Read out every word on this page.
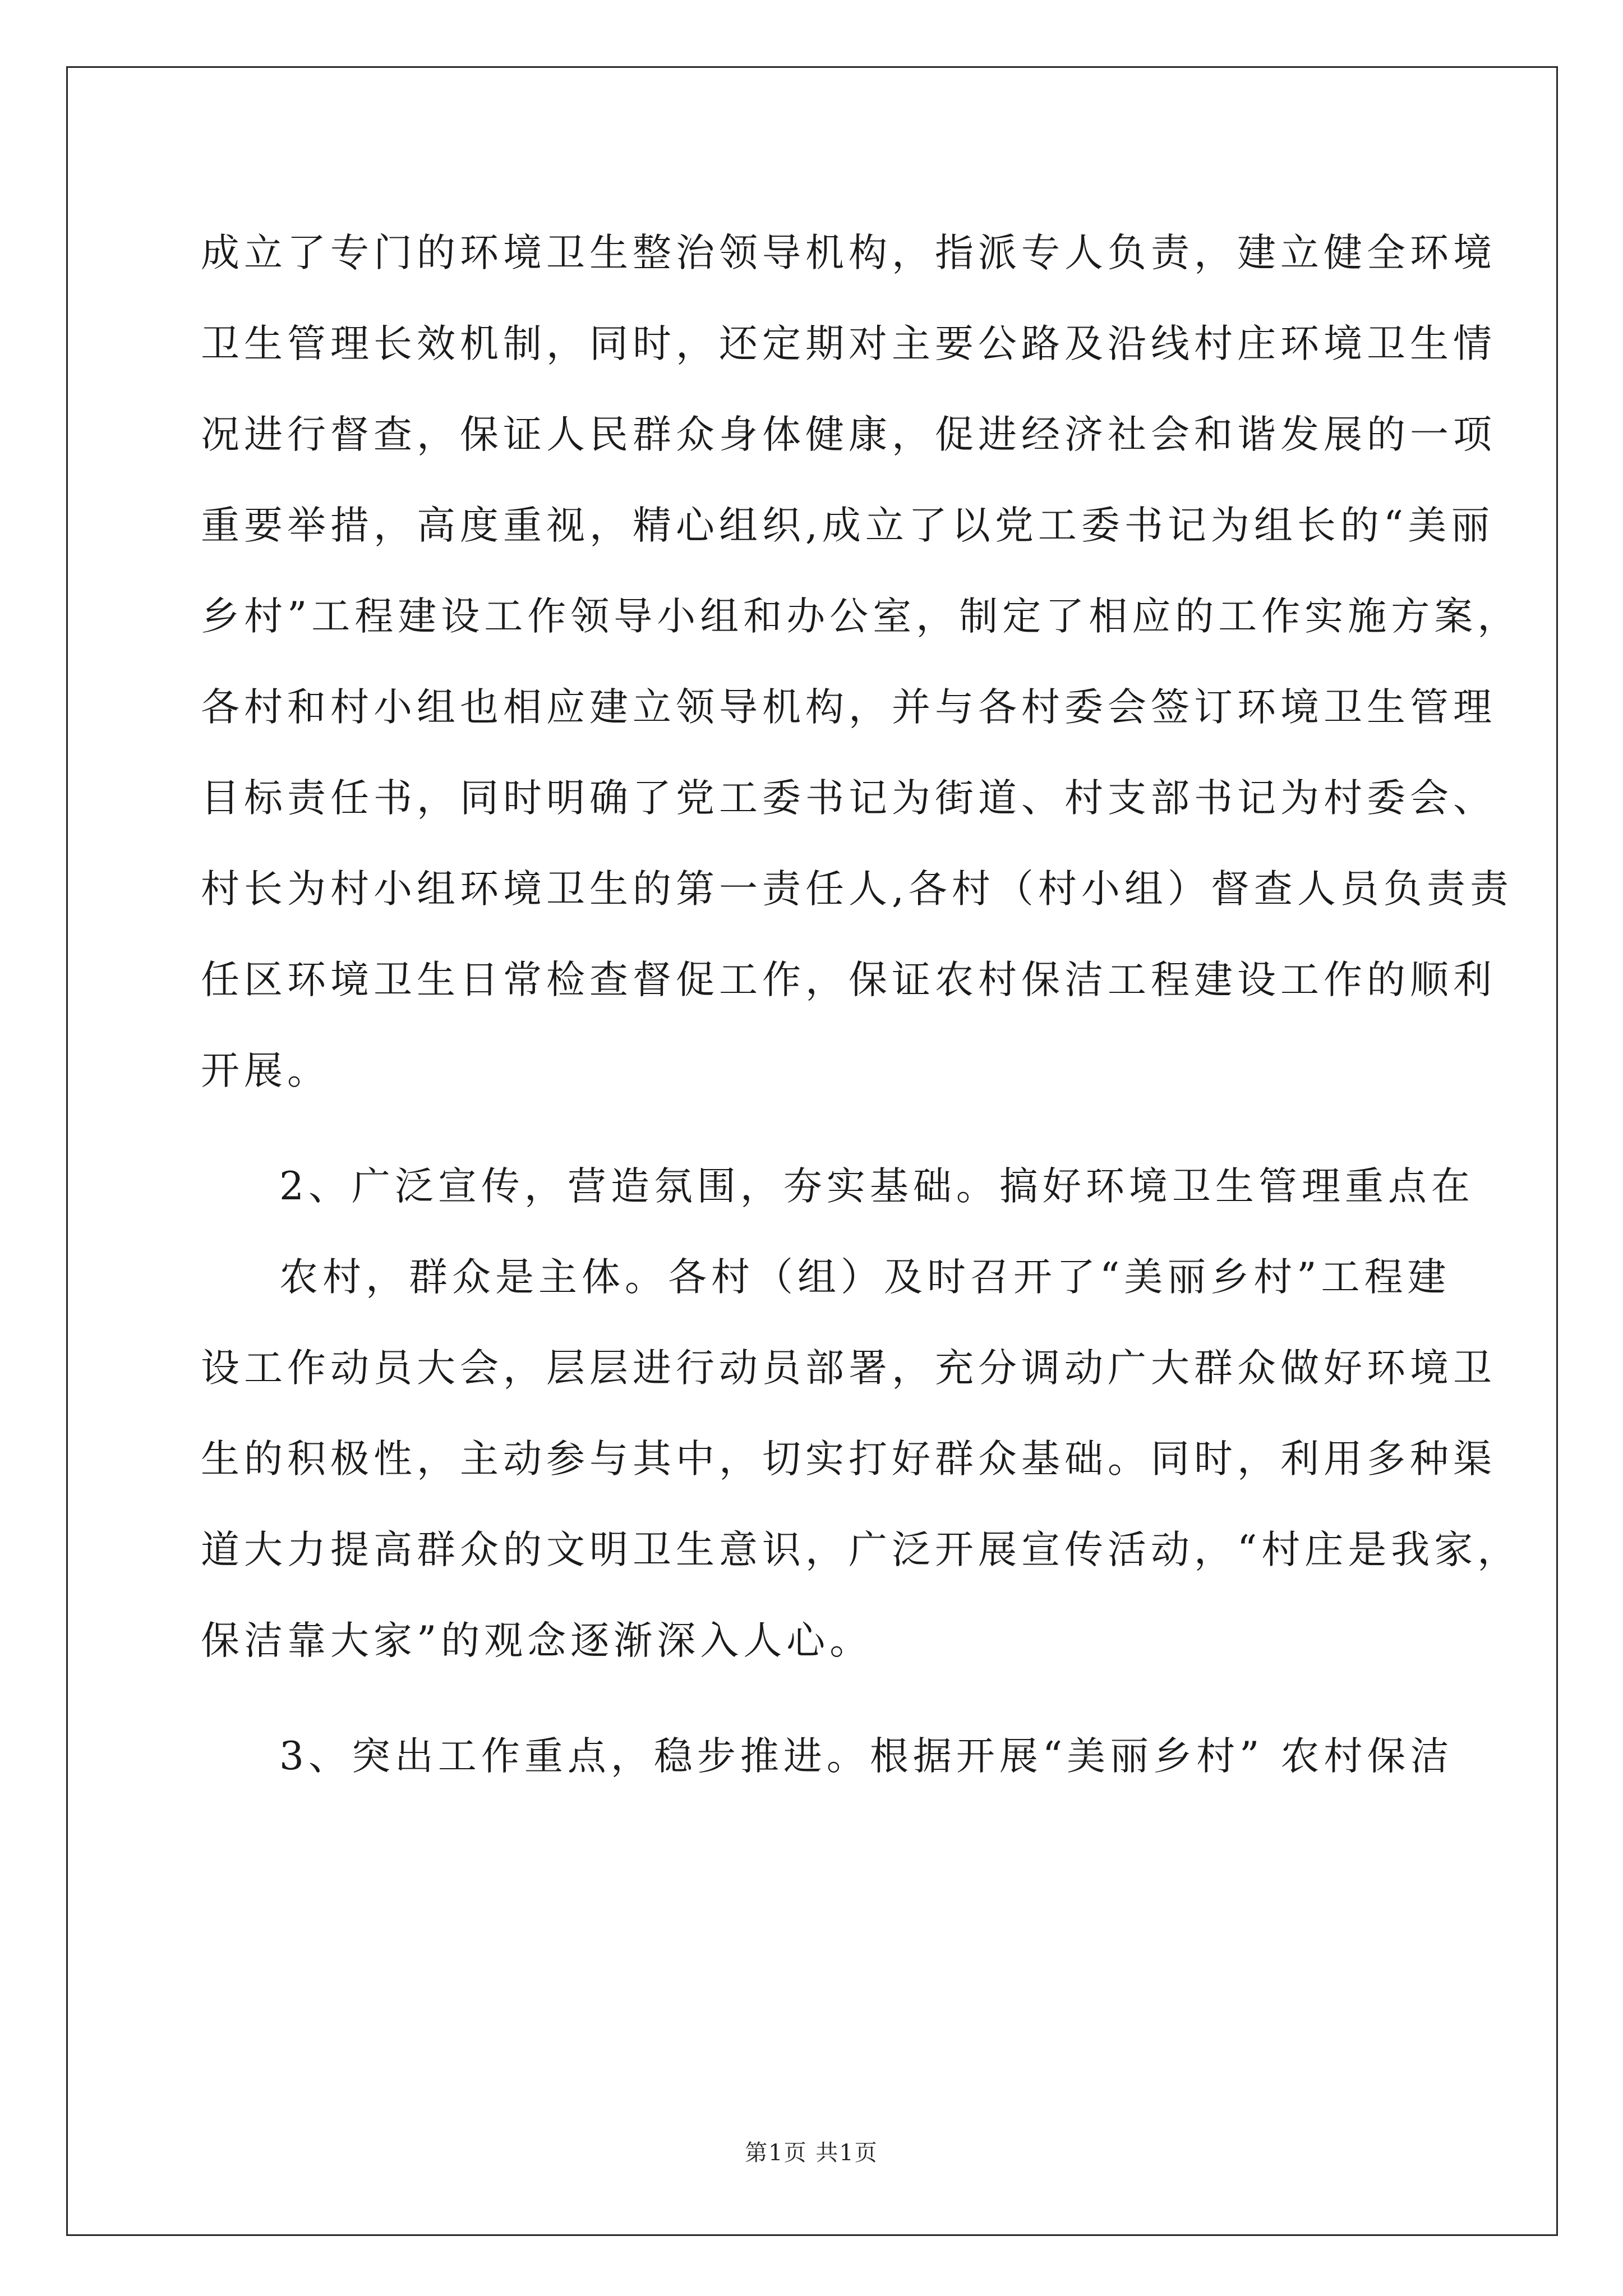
成立了专门的环境卫生整治领导机构，指派专人负责，建立健全环境
卫生管理长效机制，同时，还定期对主要公路及沿线村庄环境卫生情
况进行督查，保证人民群众身体健康，促进经济社会和谐发展的一项
重要举措，高度重视，精心组织,成立了以党工委书记为组长的“美丽
乡村”工程建设工作领导小组和办公室，制定了相应的工作实施方案，
各村和村小组也相应建立领导机构，并与各村委会签订环境卫生管理
目标责任书，同时明确了党工委书记为街道、村支部书记为村委会、
村长为村小组环境卫生的第一责任人,各村（村小组）督查人员负责责
任区环境卫生日常检查督促工作，保证农村保洁工程建设工作的顺利
开展。
2、广泛宣传，营造氛围，夯实基础。搞好环境卫生管理重点在
农村，群众是主体。各村（组）及时召开了“美丽乡村”工程建
设工作动员大会，层层进行动员部署，充分调动广大群众做好环境卫
生的积极性，主动参与其中，切实打好群众基础。同时，利用多种渠
道大力提高群众的文明卫生意识，广泛开展宣传活动，“村庄是我家，
保洁靠大家”的观念逐渐深入人心。
3、突出工作重点，稳步推进。根据开展“美丽乡村” 农村保洁
第1页 共1页
